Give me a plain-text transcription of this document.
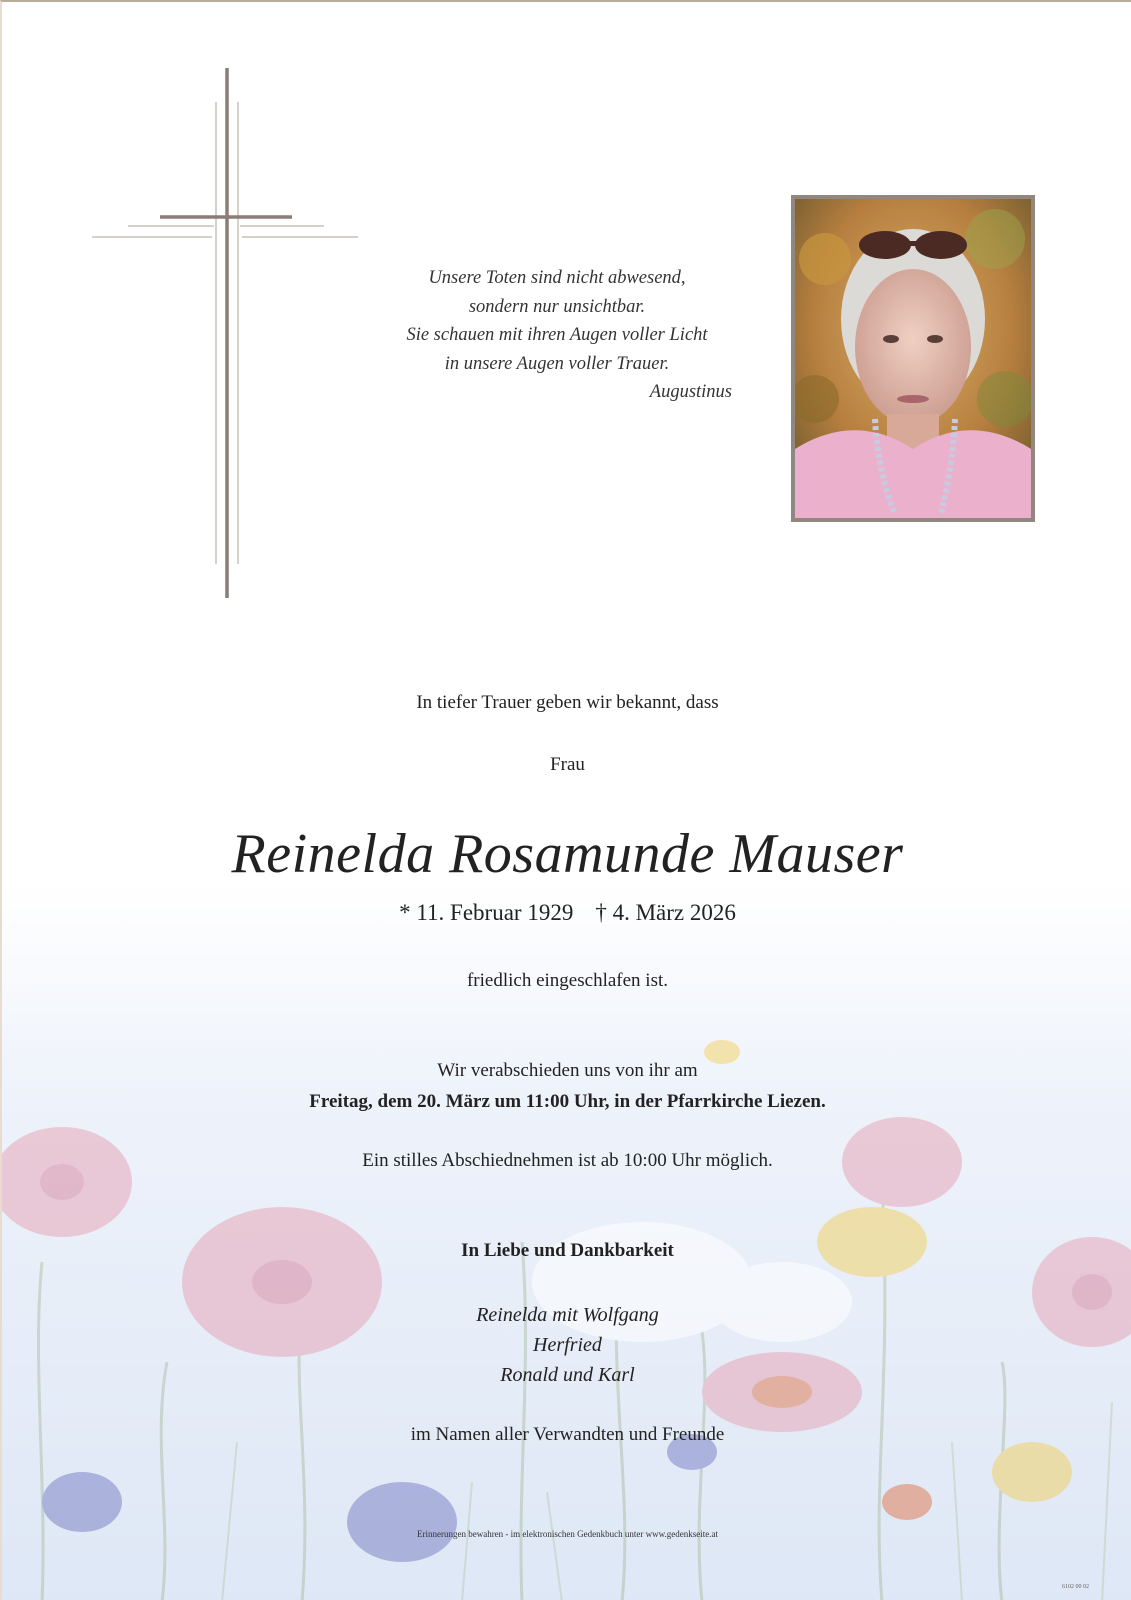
Unsere Toten sind nicht abwesend,
sondern nur unsichtbar.
Sie schauen mit ihren Augen voller Licht
in unsere Augen voller Trauer.
Augustinus
In tiefer Trauer geben wir bekannt, dass
Frau
Reinelda Rosamunde Mauser
* 11. Februar 1929 † 4. März 2026
friedlich eingeschlafen ist.
Wir verabschieden uns von ihr am
Freitag, dem 20. März um 11:00 Uhr, in der Pfarrkirche Liezen.
Ein stilles Abschiednehmen ist ab 10:00 Uhr möglich.
In Liebe und Dankbarkeit
Reinelda mit Wolfgang
Herfried
Ronald und Karl
im Namen aller Verwandten und Freunde
Erinnerungen bewahren - im elektronischen Gedenkbuch unter www.gedenkseite.at
6102 00 02
